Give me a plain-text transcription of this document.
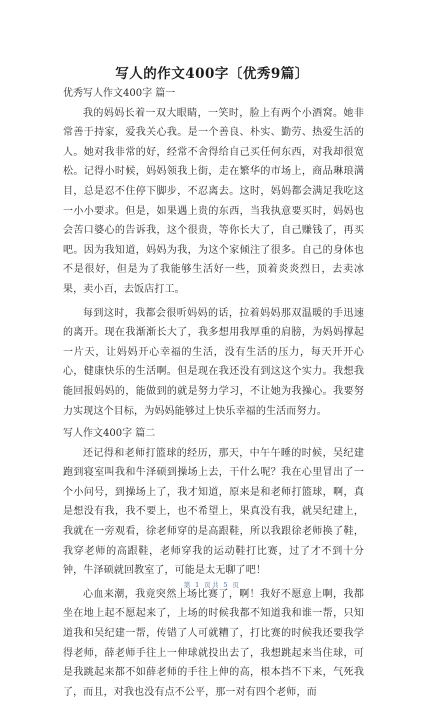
写人的作文400字〔优秀9篇〕

优秀写人作文400字 篇一

我的妈妈长着一双大眼睛，一笑时，脸上有两个小酒窝。她非常善于持家，爱我关心我。是一个善良、朴实、勤劳、热爱生活的人。她对我非常的好，经常不舍得给自己买任何东西，对我却很宽松。记得小时候，妈妈领我上街，走在繁华的市场上，商品琳琅满目，总是忍不住停下脚步，不忍离去。这时，妈妈都会满足我吃这一小小要求。但是，如果遇上贵的东西，当我执意要买时，妈妈也会苦口婆心的告诉我，这个很贵，等你长大了，自己赚钱了，再买吧。因为我知道，妈妈为我，为这个家倾注了很多。自己的身体也不是很好，但是为了我能够生活好一些，顶着炎炎烈日，去卖冰果，卖小百，去饭店打工。

每到这时，我都会很听妈妈的话，拉着妈妈那双温暖的手迅速的离开。现在我渐渐长大了，我多想用我厚重的肩膀，为妈妈撑起一片天，让妈妈开心幸福的生活，没有生活的压力，每天开开心心，健康快乐的生活啊。但是现在我还没有到这这个实力。我想我能回报妈妈的，能做到的就是努力学习，不让她为我操心。我要努力实现这个目标，为妈妈能够过上快乐幸福的生活而努力。

写人作文400字 篇二

还记得和老师打篮球的经历，那天，中午午睡的时候，吴纪建跑到寝室叫我和牛泽硕到操场上去，干什么呢？我在心里冒出了一个小问号，到操场上了，我才知道，原来是和老师打篮球，啊，真是想没有我，我不要上，也不希望上，果真没有我，就吴纪建上，我就在一旁观看，徐老师穿的是高跟鞋，所以我跟徐老师换了鞋，我穿老师的高跟鞋，老师穿我的运动鞋打比赛，过了才不到十分钟，牛泽硕就回教室了，可能是太无聊了吧！

心血来潮，我竟突然上场比赛了，啊！我好不愿意上啊，我都坐在地上起不愿起来了，上场的时候我都不知道我和谁一帮，只知道我和吴纪建一帮，传错了人可就糟了，打比赛的时候我还要我学得老师，薛老师手往上一伸球就投出去了，我想跳起来当住球，可是我跳起来都不如薛老师的手往上伸的高，根本挡不下来，气死我了，而且，对我也没有点不公平，那一对有四个老师，而

第 1 页共 5 页
